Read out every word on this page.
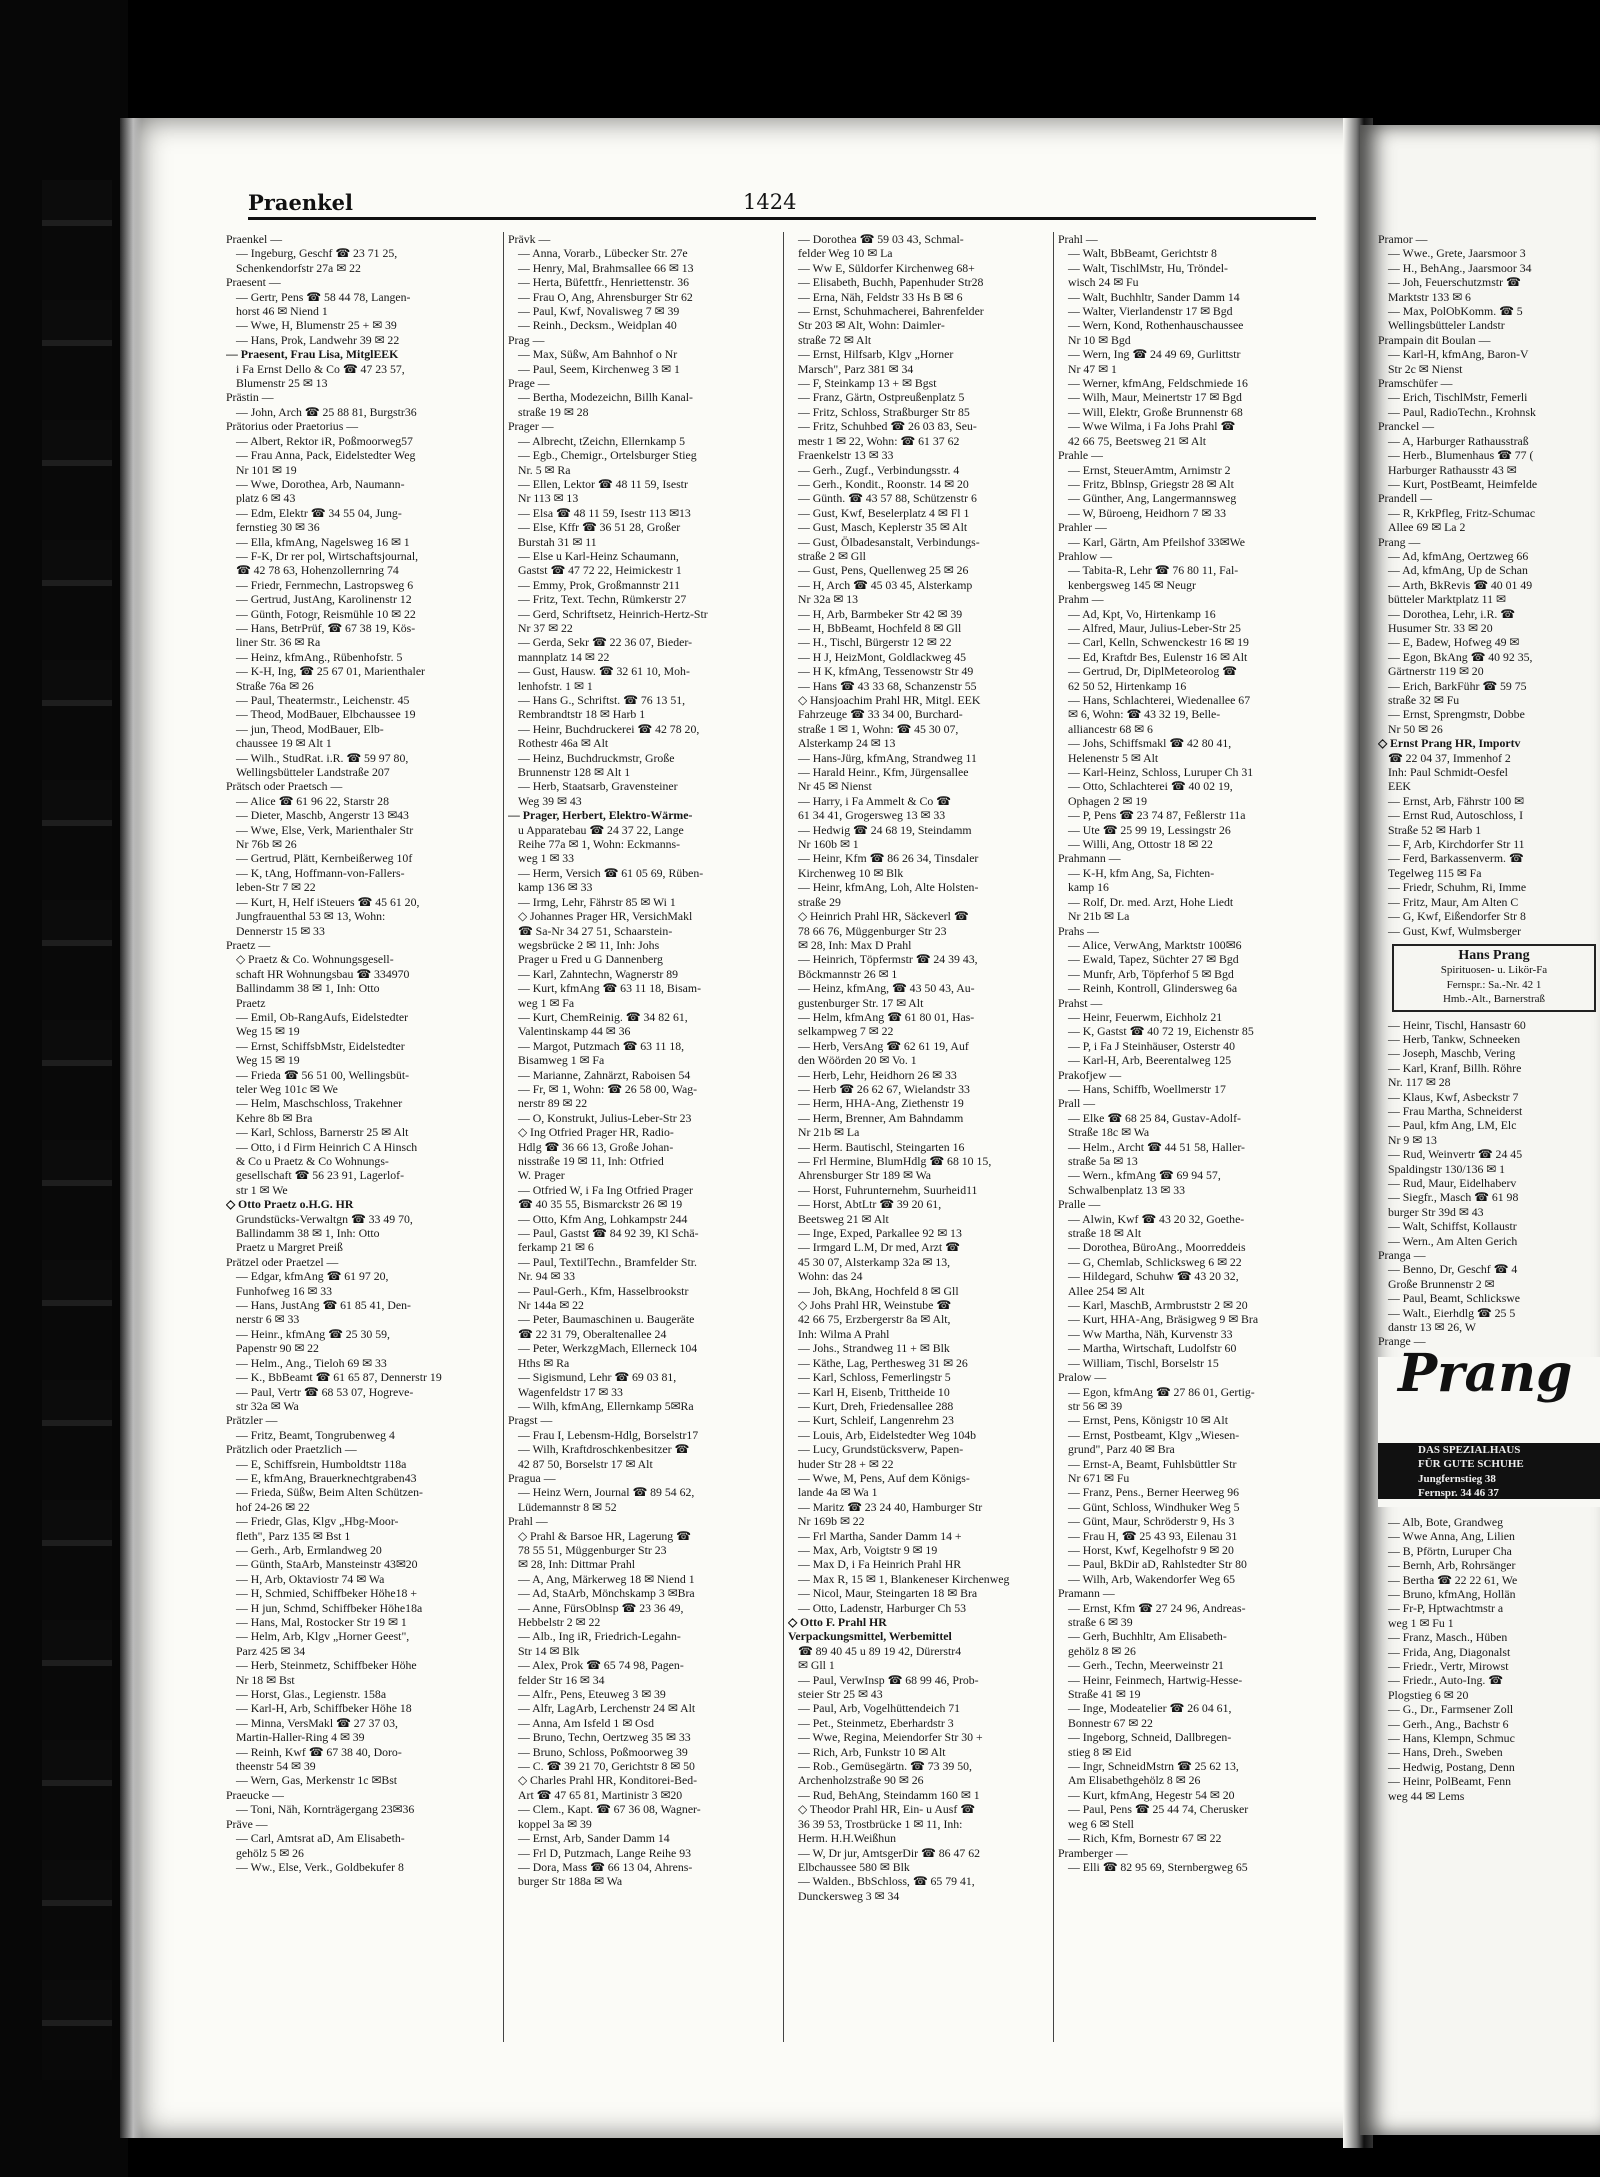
Praenkel	1424
Praenkel —
— Ingeburg, Geschf ☎ 23 71 25,
Schenkendorfstr 27a ✉ 22
Praesent —
— Gertr, Pens ☎ 58 44 78, Langen-
horst 46 ✉ Niend 1
— Wwe, H, Blumenstr 25 + ✉ 39
— Hans, Prok, Landwehr 39 ✉ 22
— Praesent, Frau Lisa, MitglEEK
i Fa Ernst Dello & Co ☎ 47 23 57,
Blumenstr 25 ✉ 13
Prästin —
— John, Arch ☎ 25 88 81, Burgstr36
Prätorius oder Praetorius —
— Albert, Rektor iR, Poßmoorweg57
— Frau Anna, Pack, Eidelstedter Weg
Nr 101 ✉ 19
— Wwe, Dorothea, Arb, Naumann-
platz 6 ✉ 43
— Edm, Elektr ☎ 34 55 04, Jung-
fernstieg 30 ✉ 36
— Ella, kfmAng, Nagelsweg 16 ✉ 1
— F-K, Dr rer pol, Wirtschaftsjournal,
☎ 42 78 63, Hohenzollernring 74
— Friedr, Fernmechn, Lastropsweg 6
— Gertrud, JustAng, Karolinenstr 12
— Günth, Fotogr, Reismühle 10 ✉ 22
— Hans, BetrPrüf, ☎ 67 38 19, Kös-
liner Str. 36 ✉ Ra
— Heinz, kfmAng., Rübenhofstr. 5
— K-H, Ing, ☎ 25 67 01, Marienthaler
Straße 76a ✉ 26
— Paul, Theatermstr., Leichenstr. 45
— Theod, ModBauer, Elbchaussee 19
— jun, Theod, ModBauer, Elb-
chaussee 19 ✉ Alt 1
— Wilh., StudRat. i.R. ☎ 59 97 80,
Wellingsbütteler Landstraße 207
Prätsch oder Praetsch —
— Alice ☎ 61 96 22, Starstr 28
— Dieter, Maschb, Angerstr 13 ✉43
— Wwe, Else, Verk, Marienthaler Str
Nr 76b ✉ 26
— Gertrud, Plätt, Kernbeißerweg 10f
— K, tAng, Hoffmann-von-Fallers-
leben-Str 7 ✉ 22
— Kurt, H, Helf iSteuers ☎ 45 61 20,
Jungfrauenthal 53 ✉ 13, Wohn:
Dennerstr 15 ✉ 33
Praetz —
◇ Praetz & Co. Wohnungsgesell-
schaft HR Wohnungsbau ☎ 334970
Ballindamm 38 ✉ 1, Inh: Otto
Praetz
— Emil, Ob-RangAufs, Eidelstedter
Weg 15 ✉ 19
— Ernst, SchiffsbMstr, Eidelstedter
Weg 15 ✉ 19
— Frieda ☎ 56 51 00, Wellingsbüt-
teler Weg 101c ✉ We
— Helm, Maschschloss, Trakehner
Kehre 8b ✉ Bra
— Karl, Schloss, Barnerstr 25 ✉ Alt
— Otto, i d Firm Heinrich C A Hinsch
& Co u Praetz & Co Wohnungs-
gesellschaft ☎ 56 23 91, Lagerlof-
str 1 ✉ We
◇ Otto Praetz o.H.G. HR
Grundstücks-Verwaltgn ☎ 33 49 70,
Ballindamm 38 ✉ 1, Inh: Otto
Praetz u Margret Preiß
Prätzel oder Praetzel —
— Edgar, kfmAng ☎ 61 97 20,
Funhofweg 16 ✉ 33
— Hans, JustAng ☎ 61 85 41, Den-
nerstr 6 ✉ 33
— Heinr., kfmAng ☎ 25 30 59,
Papenstr 90 ✉ 22
— Helm., Ang., Tieloh 69 ✉ 33
— K., BbBeamt ☎ 61 65 87, Dennerstr 19
— Paul, Vertr ☎ 68 53 07, Hogreve-
str 32a ✉ Wa
Prätzler —
— Fritz, Beamt, Tongrubenweg 4
Prätzlich oder Praetzlich —
— E, Schiffsrein, Humboldtstr 118a
— E, kfmAng, Brauerknechtgraben43
— Frieda, Süßw, Beim Alten Schützen-
hof 24-26 ✉ 22
— Friedr, Glas, Klgv „Hbg-Moor-
fleth", Parz 135 ✉ Bst 1
— Gerh., Arb, Ermlandweg 20
— Günth, StaArb, Mansteinstr 43✉20
— H, Arb, Oktaviostr 74 ✉ Wa
— H, Schmied, Schiffbeker Höhe18 +
— H jun, Schmd, Schiffbeker Höhe18a
— Hans, Mal, Rostocker Str 19 ✉ 1
— Helm, Arb, Klgv „Horner Geest",
Parz 425 ✉ 34
— Herb, Steinmetz, Schiffbeker Höhe
Nr 18 ✉ Bst
— Horst, Glas., Legienstr. 158a
— Karl-H, Arb, Schiffbeker Höhe 18
— Minna, VersMakl ☎ 27 37 03,
Martin-Haller-Ring 4 ✉ 39
— Reinh, Kwf ☎ 67 38 40, Doro-
theenstr 54 ✉ 39
— Wern, Gas, Merkenstr 1c ✉Bst
Praeucke —
— Toni, Näh, Kornträgergang 23✉36
Präve —
— Carl, Amtsrat aD, Am Elisabeth-
gehölz 5 ✉ 26
— Ww., Else, Verk., Goldbekufer 8
Prävk —
— Anna, Vorarb., Lübecker Str. 27e
— Henry, Mal, Brahmsallee 66 ✉ 13
— Herta, Büfettfr., Henriettenstr. 36
— Frau O, Ang, Ahrensburger Str 62
— Paul, Kwf, Novalisweg 7 ✉ 39
— Reinh., Decksm., Weidplan 40
Prag —
— Max, Süßw, Am Bahnhof o Nr
— Paul, Seem, Kirchenweg 3 ✉ 1
Prage —
— Bertha, Modezeichn, Billh Kanal-
straße 19 ✉ 28
Prager —
— Albrecht, tZeichn, Ellernkamp 5
— Egb., Chemigr., Ortelsburger Stieg
Nr. 5 ✉ Ra
— Ellen, Lektor ☎ 48 11 59, Isestr
Nr 113 ✉ 13
— Elsa ☎ 48 11 59, Isestr 113 ✉13
— Else, Kffr ☎ 36 51 28, Großer
Burstah 31 ✉ 11
— Else u Karl-Heinz Schaumann,
Gastst ☎ 47 72 22, Heimickestr 1
— Emmy, Prok, Großmannstr 211
— Fritz, Text. Techn, Rümkerstr 27
— Gerd, Schriftsetz, Heinrich-Hertz-Str
Nr 37 ✉ 22
— Gerda, Sekr ☎ 22 36 07, Bieder-
mannplatz 14 ✉ 22
— Gust, Hausw. ☎ 32 61 10, Moh-
lenhofstr. 1 ✉ 1
— Hans G., Schriftst. ☎ 76 13 51,
Rembrandtstr 18 ✉ Harb 1
— Heinr, Buchdruckerei ☎ 42 78 20,
Rothestr 46a ✉ Alt
— Heinz, Buchdruckmstr, Große
Brunnenstr 128 ✉ Alt 1
— Herb, Staatsarb, Gravensteiner
Weg 39 ✉ 43
— Prager, Herbert, Elektro-Wärme-
u Apparatebau ☎ 24 37 22, Lange
Reihe 77a ✉ 1, Wohn: Eckmanns-
weg 1 ✉ 33
— Herm, Versich ☎ 61 05 69, Rüben-
kamp 136 ✉ 33
— Irmg, Lehr, Fährstr 85 ✉ Wi 1
◇ Johannes Prager HR, VersichMakl
☎ Sa-Nr 34 27 51, Schaarstein-
wegsbrücke 2 ✉ 11, Inh: Johs
Prager u Fred u G Dannenberg
— Karl, Zahntechn, Wagnerstr 89
— Kurt, kfmAng ☎ 63 11 18, Bisam-
weg 1 ✉ Fa
— Kurt, ChemReinig. ☎ 34 82 61,
Valentinskamp 44 ✉ 36
— Margot, Putzmach ☎ 63 11 18,
Bisamweg 1 ✉ Fa
— Marianne, Zahnärzt, Raboisen 54
— Fr, ✉ 1, Wohn: ☎ 26 58 00, Wag-
nerstr 89 ✉ 22
— O, Konstrukt, Julius-Leber-Str 23
◇ Ing Otfried Prager HR, Radio-
Hdlg ☎ 36 66 13, Große Johan-
nisstraße 19 ✉ 11, Inh: Otfried
W. Prager
— Otfried W, i Fa Ing Otfried Prager
☎ 40 35 55, Bismarckstr 26 ✉ 19
— Otto, Kfm Ang, Lohkampstr 244
— Paul, Gastst ☎ 84 92 39, Kl Schä-
ferkamp 21 ✉ 6
— Paul, TextilTechn., Bramfelder Str.
Nr. 94 ✉ 33
— Paul-Gerh., Kfm, Hasselbrookstr
Nr 144a ✉ 22
— Peter, Baumaschinen u. Baugeräte
☎ 22 31 79, Oberaltenallee 24
— Peter, WerkzgMach, Ellerneck 104
Hths ✉ Ra
— Sigismund, Lehr ☎ 69 03 81,
Wagenfeldstr 17 ✉ 33
— Wilh, kfmAng, Ellernkamp 5✉Ra
Pragst —
— Frau I, Lebensm-Hdlg, Borselstr17
— Wilh, Kraftdroschkenbesitzer ☎
42 87 50, Borselstr 17 ✉ Alt
Pragua —
— Heinz Wern, Journal ☎ 89 54 62,
Lüdemannstr 8 ✉ 52
Prahl —
◇ Prahl & Barsoe HR, Lagerung ☎
78 55 51, Müggenburger Str 23
✉ 28, Inh: Dittmar Prahl
— A, Ang, Märkerweg 18 ✉ Niend 1
— Ad, StaArb, Mönchskamp 3 ✉Bra
— Anne, FürsOblnsp ☎ 23 36 49,
Hebbelstr 2 ✉ 22
— Alb., Ing iR, Friedrich-Legahn-
Str 14 ✉ Blk
— Alex, Prok ☎ 65 74 98, Pagen-
felder Str 16 ✉ 34
— Alfr., Pens, Eteuweg 3 ✉ 39
— Alfr, LagArb, Lerchenstr 24 ✉ Alt
— Anna, Am Isfeld 1 ✉ Osd
— Bruno, Techn, Oertzweg 35 ✉ 33
— Bruno, Schloss, Poßmoorweg 39
— C. ☎ 39 21 70, Gerichtstr 8 ✉ 50
◇ Charles Prahl HR, Konditorei-Bed-
Art ☎ 47 65 81, Martinistr 3 ✉20
— Clem., Kapt. ☎ 67 36 08, Wagner-
koppel 3a ✉ 39
— Ernst, Arb, Sander Damm 14
— Frl D, Putzmach, Lange Reihe 93
— Dora, Mass ☎ 66 13 04, Ahrens-
burger Str 188a ✉ Wa
— Dorothea ☎ 59 03 43, Schmal-
felder Weg 10 ✉ La
— Ww E, Süldorfer Kirchenweg 68+
— Elisabeth, Buchh, Papenhuder Str28
— Erna, Näh, Feldstr 33 Hs B ✉ 6
— Ernst, Schuhmacherei, Bahrenfelder
Str 203 ✉ Alt, Wohn: Daimler-
straße 72 ✉ Alt
— Ernst, Hilfsarb, Klgv „Horner
Marsch", Parz 381 ✉ 34
— F, Steinkamp 13 + ✉ Bgst
— Franz, Gärtn, Ostpreußenplatz 5
— Fritz, Schloss, Straßburger Str 85
— Fritz, Schuhbed ☎ 26 03 83, Seu-
mestr 1 ✉ 22, Wohn: ☎ 61 37 62
Fraenkelstr 13 ✉ 33
— Gerh., Zugf., Verbindungsstr. 4
— Gerh., Kondit., Roonstr. 14 ✉ 20
— Günth. ☎ 43 57 88, Schützenstr 6
— Gust, Kwf, Beselerplatz 4 ✉ Fl 1
— Gust, Masch, Keplerstr 35 ✉ Alt
— Gust, Ölbadesanstalt, Verbindungs-
straße 2 ✉ Gll
— Gust, Pens, Quellenweg 25 ✉ 26
— H, Arch ☎ 45 03 45, Alsterkamp
Nr 32a ✉ 13
— H, Arb, Barmbeker Str 42 ✉ 39
— H, BbBeamt, Hochfeld 8 ✉ Gll
— H., Tischl, Bürgerstr 12 ✉ 22
— H J, HeizMont, Goldlackweg 45
— H K, kfmAng, Tessenowstr Str 49
— Hans ☎ 43 33 68, Schanzenstr 55
◇ Hansjoachim Prahl HR, Mitgl. EEK
Fahrzeuge ☎ 33 34 00, Burchard-
straße 1 ✉ 1, Wohn: ☎ 45 30 07,
Alsterkamp 24 ✉ 13
— Hans-Jürg, kfmAng, Strandweg 11
— Harald Heinr., Kfm, Jürgensallee
Nr 45 ✉ Nienst
— Harry, i Fa Ammelt & Co ☎
61 34 41, Grogersweg 13 ✉ 33
— Hedwig ☎ 24 68 19, Steindamm
Nr 160b ✉ 1
— Heinr, Kfm ☎ 86 26 34, Tinsdaler
Kirchenweg 10 ✉ Blk
— Heinr, kfmAng, Loh, Alte Holsten-
straße 29
◇ Heinrich Prahl HR, Säckeverl ☎
78 66 76, Müggenburger Str 23
✉ 28, Inh: Max D Prahl
— Heinrich, Töpfermstr ☎ 24 39 43,
Böckmannstr 26 ✉ 1
— Heinz, kfmAng, ☎ 43 50 43, Au-
gustenburger Str. 17 ✉ Alt
— Helm, kfmAng ☎ 61 80 01, Has-
selkampweg 7 ✉ 22
— Herb, VersAng ☎ 62 61 19, Auf
den Wöörden 20 ✉ Vo. 1
— Herb, Lehr, Heidhorn 26 ✉ 33
— Herb ☎ 26 62 67, Wielandstr 33
— Herm, HHA-Ang, Ziethenstr 19
— Herm, Brenner, Am Bahndamm
Nr 21b ✉ La
— Herm. Bautischl, Steingarten 16
— Frl Hermine, BlumHdlg ☎ 68 10 15,
Ahrensburger Str 189 ✉ Wa
— Horst, Fuhrunternehm, Suurheid11
— Horst, AbtLtr ☎ 39 20 61,
Beetsweg 21 ✉ Alt
— Inge, Exped, Parkallee 92 ✉ 13
— Irmgard L.M, Dr med, Arzt ☎
45 30 07, Alsterkamp 32a ✉ 13,
Wohn: das 24
— Joh, BkAng, Hochfeld 8 ✉ Gll
◇ Johs Prahl HR, Weinstube ☎
42 66 75, Erzbergerstr 8a ✉ Alt,
Inh: Wilma A Prahl
— Johs., Strandweg 11 + ✉ Blk
— Käthe, Lag, Perthesweg 31 ✉ 26
— Karl, Schloss, Femerlingstr 5
— Karl H, Eisenb, Trittheide 10
— Kurt, Dreh, Friedensallee 288
— Kurt, Schleif, Langenrehm 23
— Louis, Arb, Eidelstedter Weg 104b
— Lucy, Grundstücksverw, Papen-
huder Str 28 + ✉ 22
— Wwe, M, Pens, Auf dem Königs-
lande 4a ✉ Wa 1
— Maritz ☎ 23 24 40, Hamburger Str
Nr 169b ✉ 22
— Frl Martha, Sander Damm 14 +
— Max, Arb, Voigtstr 9 ✉ 19
— Max D, i Fa Heinrich Prahl HR
— Max R, 15 ✉ 1, Blankeneser Kirchenweg
— Nicol, Maur, Steingarten 18 ✉ Bra
— Otto, Ladenstr, Harburger Ch 53
◇ Otto F. Prahl HR
Verpackungsmittel, Werbemittel
☎ 89 40 45 u 89 19 42, Dürerstr4
✉ Gll 1
— Paul, VerwInsp ☎ 68 99 46, Prob-
steier Str 25 ✉ 43
— Paul, Arb, Vogelhüttendeich 71
— Pet., Steinmetz, Eberhardstr 3
— Wwe, Regina, Meiendorfer Str 30 +
— Rich, Arb, Funkstr 10 ✉ Alt
— Rob., Gemüsegärtn. ☎ 73 39 50,
Archenholzstraße 90 ✉ 26
— Rud, BehAng, Steindamm 160 ✉ 1
◇ Theodor Prahl HR, Ein- u Ausf ☎
36 39 53, Trostbrücke 1 ✉ 11, Inh:
Herm. H.H.Weißhun
— W, Dr jur, AmtsgerDir ☎ 86 47 62
Elbchaussee 580 ✉ Blk
— Walden., BbSchloss, ☎ 65 79 41,
Dunckersweg 3 ✉ 34
Prahl —
— Walt, BbBeamt, Gerichtstr 8
— Walt, TischlMstr, Hu, Tröndel-
wisch 24 ✉ Fu
— Walt, Buchhltr, Sander Damm 14
— Walter, Vierlandenstr 17 ✉ Bgd
— Wern, Kond, Rothenhauschaussee
Nr 10 ✉ Bgd
— Wern, Ing ☎ 24 49 69, Gurlittstr
Nr 47 ✉ 1
— Werner, kfmAng, Feldschmiede 16
— Wilh, Maur, Meinertstr 17 ✉ Bgd
— Will, Elektr, Große Brunnenstr 68
— Wwe Wilma, i Fa Johs Prahl ☎
42 66 75, Beetsweg 21 ✉ Alt
Prahle —
— Ernst, SteuerAmtm, Arnimstr 2
— Fritz, Bblnsp, Griegstr 28 ✉ Alt
— Günther, Ang, Langermannsweg
— W, Büroeng, Heidhorn 7 ✉ 33
Prahler —
— Karl, Gärtn, Am Pfeilshof 33✉We
Prahlow —
— Tabita-R, Lehr ☎ 76 80 11, Fal-
kenbergsweg 145 ✉ Neugr
Prahm —
— Ad, Kpt, Vo, Hirtenkamp 16
— Alfred, Maur, Julius-Leber-Str 25
— Carl, Kelln, Schwenckestr 16 ✉ 19
— Ed, Kraftdr Bes, Eulenstr 16 ✉ Alt
— Gertrud, Dr, DiplMeteorolog ☎
62 50 52, Hirtenkamp 16
— Hans, Schlachterei, Wiedenallee 67
✉ 6, Wohn: ☎ 43 32 19, Belle-
alliancestr 68 ✉ 6
— Johs, Schiffsmakl ☎ 42 80 41,
Helenenstr 5 ✉ Alt
— Karl-Heinz, Schloss, Luruper Ch 31
— Otto, Schlachterei ☎ 40 02 19,
Ophagen 2 ✉ 19
— P, Pens ☎ 23 74 87, Feßlerstr 11a
— Ute ☎ 25 99 19, Lessingstr 26
— Willi, Ang, Ottostr 18 ✉ 22
Prahmann —
— K-H, kfm Ang, Sa, Fichten-
kamp 16
— Rolf, Dr. med. Arzt, Hohe Liedt
Nr 21b ✉ La
Prahs —
— Alice, VerwAng, Marktstr 100✉6
— Ewald, Tapez, Süchter 27 ✉ Bgd
— Munfr, Arb, Töpferhof 5 ✉ Bgd
— Reinh, Kontroll, Glindersweg 6a
Prahst —
— Heinr, Feuerwm, Eichholz 21
— K, Gastst ☎ 40 72 19, Eichenstr 85
— P, i Fa J Steinhäuser, Osterstr 40
— Karl-H, Arb, Beerentalweg 125
Prakofjew —
— Hans, Schiffb, Woellmerstr 17
Prall —
— Elke ☎ 68 25 84, Gustav-Adolf-
Straße 18c ✉ Wa
— Helm., Archt ☎ 44 51 58, Haller-
straße 5a ✉ 13
— Wern., kfmAng ☎ 69 94 57,
Schwalbenplatz 13 ✉ 33
Pralle —
— Alwin, Kwf ☎ 43 20 32, Goethe-
straße 18 ✉ Alt
— Dorothea, BüroAng., Moorreddeis
— G, Chemlab, Schlicksweg 6 ✉ 22
— Hildegard, Schuhw ☎ 43 20 32,
Allee 254 ✉ Alt
— Karl, MaschB, Armbruststr 2 ✉ 20
— Kurt, HHA-Ang, Bräsigweg 9 ✉ Bra
— Ww Martha, Näh, Kurvenstr 33
— Martha, Wirtschaft, Ludolfstr 60
— William, Tischl, Borselstr 15
Pralow —
— Egon, kfmAng ☎ 27 86 01, Gertig-
str 56 ✉ 39
— Ernst, Pens, Königstr 10 ✉ Alt
— Ernst, Postbeamt, Klgv „Wiesen-
grund", Parz 40 ✉ Bra
— Ernst-A, Beamt, Fuhlsbüttler Str
Nr 671 ✉ Fu
— Franz, Pens., Berner Heerweg 96
— Günt, Schloss, Windhuker Weg 5
— Günt, Maur, Schröderstr 9, Hs 3
— Frau H, ☎ 25 43 93, Eilenau 31
— Horst, Kwf, Kegelhofstr 9 ✉ 20
— Paul, BkDir aD, Rahlstedter Str 80
— Wilh, Arb, Wakendorfer Weg 65
Pramann —
— Ernst, Kfm ☎ 27 24 96, Andreas-
straße 6 ✉ 39
— Gerh, Buchhltr, Am Elisabeth-
gehölz 8 ✉ 26
— Gerh., Techn, Meerweinstr 21
— Heinr, Feinmech, Hartwig-Hesse-
Straße 41 ✉ 19
— Inge, Modeatelier ☎ 26 04 61,
Bonnestr 67 ✉ 22
— Ingeborg, Schneid, Dallbregen-
stieg 8 ✉ Eid
— Ingr, SchneidMstrn ☎ 25 62 13,
Am Elisabethgehölz 8 ✉ 26
— Kurt, kfmAng, Hegestr 54 ✉ 20
— Paul, Pens ☎ 25 44 74, Cherusker
weg 6 ✉ Stell
— Rich, Kfm, Bornestr 67 ✉ 22
Pramberger —
— Elli ☎ 82 95 69, Sternbergweg 65
Pramor —
— Wwe., Grete, Jaarsmoor 3
— H., BehAng., Jaarsmoor 34
— Joh, Feuerschutzmstr ☎
Marktstr 133 ✉ 6
— Max, PolObKomm. ☎ 5
Wellingsbütteler Landstr
Prampain dit Boulan —
— Karl-H, kfmAng, Baron-V
Str 2c ✉ Nienst
Pramschüfer —
— Erich, TischlMstr, Femerli
— Paul, RadioTechn., Krohnsk
Pranckel —
— A, Harburger Rathausstraß
— Herb., Blumenhaus ☎ 77 (
Harburger Rathausstr 43 ✉
— Kurt, PostBeamt, Heimfelde
Prandell —
— R, KrkPfleg, Fritz-Schumac
Allee 69 ✉ La 2
Prang —
— Ad, kfmAng, Oertzweg 66
— Ad, kfmAng, Up de Schan
— Arth, BkRevis ☎ 40 01 49
bütteler Marktplatz 11 ✉
— Dorothea, Lehr, i.R. ☎
Husumer Str. 33 ✉ 20
— E, Badew, Hofweg 49 ✉
— Egon, BkAng ☎ 40 92 35,
Gärtnerstr 119 ✉ 20
— Erich, BarkFühr ☎ 59 75
straße 32 ✉ Fu
— Ernst, Sprengmstr, Dobbe
Nr 50 ✉ 26
◇ Ernst Prang HR, Importv
☎ 22 04 37, Immenhof 2
Inh: Paul Schmidt-Oesfel
EEK
— Ernst, Arb, Fährstr 100 ✉
— Ernst Rud, Autoschloss, I
Straße 52 ✉ Harb 1
— F, Arb, Kirchdorfer Str 11
— Ferd, Barkassenverm. ☎
Tegelweg 115 ✉ Fa
— Friedr, Schuhm, Ri, Imme
— Fritz, Maur, Am Alten C
— G, Kwf, Eißendorfer Str 8
— Gust, Kwf, Wulmsberger
Hans Prang
Spirituosen- u. Likör-Fa
Fernspr.: Sa.-Nr. 42 1
Hmb.-Alt., Barnerstraß
— Heinr, Tischl, Hansastr 60
— Herb, Tankw, Schneeken
— Joseph, Maschb, Vering
— Karl, Kranf, Billh. Röhre
Nr. 117 ✉ 28
— Klaus, Kwf, Asbeckstr 7
— Frau Martha, Schneiderst
— Paul, kfm Ang, LM, Elc
Nr 9 ✉ 13
— Rud, Weinvertr ☎ 24 45
Spaldingstr 130/136 ✉ 1
— Rud, Maur, Eidelhaberv
— Siegfr., Masch ☎ 61 98
burger Str 39d ✉ 43
— Walt, Schiffst, Kollaustr
— Wern., Am Alten Gerich
Pranga —
— Benno, Dr, Geschf ☎ 4
Große Brunnenstr 2 ✉
— Paul, Beamt, Schlickswe
— Walt., Eierhdlg ☎ 25 5
danstr 13 ✉ 26, W
Prange —
Prang
DAS SPEZIALHAUS
FÜR GUTE SCHUHE
Jungfernstieg 38
Fernspr. 34 46 37
— Alb, Bote, Grandweg
— Wwe Anna, Ang, Lilien
— B, Pförtn, Luruper Cha
— Bernh, Arb, Rohrsänger
— Bertha ☎ 22 22 61, We
— Bruno, kfmAng, Hollän
— Fr-P, Hptwachtmstr a
weg 1 ✉ Fu 1
— Franz, Masch., Hüben
— Frida, Ang, Diagonalst
— Friedr., Vertr, Mirowst
— Friedr., Auto-Ing. ☎
Plogstieg 6 ✉ 20
— G., Dr., Farmsener Zoll
— Gerh., Ang., Bachstr 6
— Hans, Klempn, Schmuc
— Hans, Dreh., Sweben
— Hedwig, Postang, Denn
— Heinr, PolBeamt, Fenn
weg 44 ✉ Lems
